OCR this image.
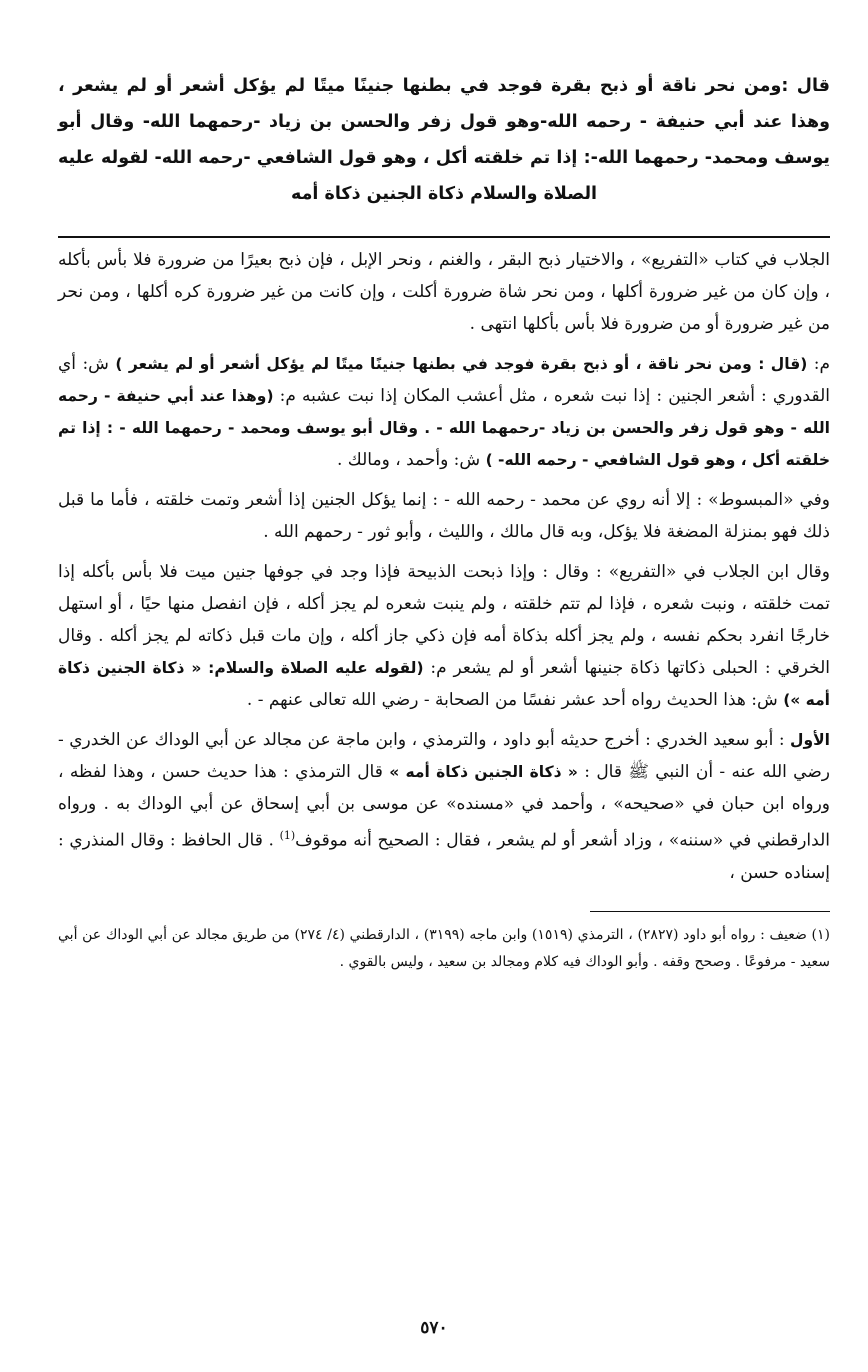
قال :ومن نحر ناقة أو ذبح بقرة فوجد في بطنها جنينًا ميتًا لم يؤكل أشعر أو لم يشعر ، وهذا عند أبي حنيفة - رحمه الله-وهو قول زفر والحسن بن زياد -رحمهما الله- وقال أبو يوسف ومحمد- رحمهما الله-: إذا تم خلقته أكل ، وهو قول الشافعي -رحمه الله- لقوله عليه الصلاة والسلام ذكاة الجنين ذكاة أمه

الجلاب في كتاب «التفريع» ، والاختيار ذبح البقر ، والغنم ، ونحر الإبل ، فإن ذبح بعيرًا من ضرورة فلا بأس بأكله ، وإن كان من غير ضرورة أكلها ، ومن نحر شاة ضرورة أكلت ، وإن كانت من غير ضرورة كره أكلها ، ومن نحر من غير ضرورة أو من ضرورة فلا بأس بأكلها انتهى .

م: (قال : ومن نحر ناقة ، أو ذبح بقرة فوجد في بطنها جنينًا ميتًا لم يؤكل أشعر أو لم يشعر ) ش: أي القدوري : أشعر الجنين : إذا نبت شعره ، مثل أعشب المكان إذا نبت عشبه م: (وهذا عند أبي حنيفة - رحمه الله - وهو قول زفر والحسن بن زياد -رحمهما الله - . وقال أبو يوسف ومحمد - رحمهما الله - : إذا تم خلقته أكل ، وهو قول الشافعي - رحمه الله- ) ش: وأحمد ، ومالك .

وفي «المبسوط» : إلا أنه روي عن محمد - رحمه الله - : إنما يؤكل الجنين إذا أشعر وتمت خلقته ، فأما ما قبل ذلك فهو بمنزلة المضغة فلا يؤكل، وبه قال مالك ، والليث ، وأبو ثور - رحمهم الله .

وقال ابن الجلاب في «التفريع» : وقال : وإذا ذبحت الذبيحة فإذا وجد في جوفها جنين ميت فلا بأس بأكله إذا تمت خلقته ، ونبت شعره ، فإذا لم تتم خلقته ، ولم ينبت شعره لم يجز أكله ، فإن انفصل منها حيًا ، أو استهل خارجًا انفرد بحكم نفسه ، ولم يجز أكله بذكاة أمه فإن ذكي جاز أكله ، وإن مات قبل ذكاته لم يجز أكله . وقال الخرقي : الحبلى ذكاتها ذكاة جنينها أشعر أو لم يشعر م: (لقوله عليه الصلاة والسلام: « ذكاة الجنين ذكاة أمه ») ش: هذا الحديث رواه أحد عشر نفسًا من الصحابة - رضي الله تعالى عنهم - .

الأول : أبو سعيد الخدري : أخرج حديثه أبو داود ، والترمذي ، وابن ماجة عن مجالد عن أبي الوداك عن الخدري - رضي الله عنه - أن النبي ﷺ قال : « ذكاة الجنين ذكاة أمه » قال الترمذي : هذا حديث حسن ، وهذا لفظه ، ورواه ابن حبان في «صحيحه» ، وأحمد في «مسنده» عن موسى بن أبي إسحاق عن أبي الوداك به . ورواه الدارقطني في «سننه» ، وزاد أشعر أو لم يشعر ، فقال : الصحيح أنه موقوف$^{(1)}$ . قال الحافظ : وقال المنذري : إسناده حسن ،

(١) ضعيف : رواه أبو داود (٢٨٢٧) ، الترمذي (١٥١٩) وابن ماجه (٣١٩٩) ، الدارقطني (٤/ ٢٧٤) من طريق مجالد عن أبي الوداك عن أبي سعيد - مرفوعًا . وصحح وقفه . وأبو الوداك فيه كلام ومجالد بن سعيد ، وليس بالقوي .

٥٧٠
